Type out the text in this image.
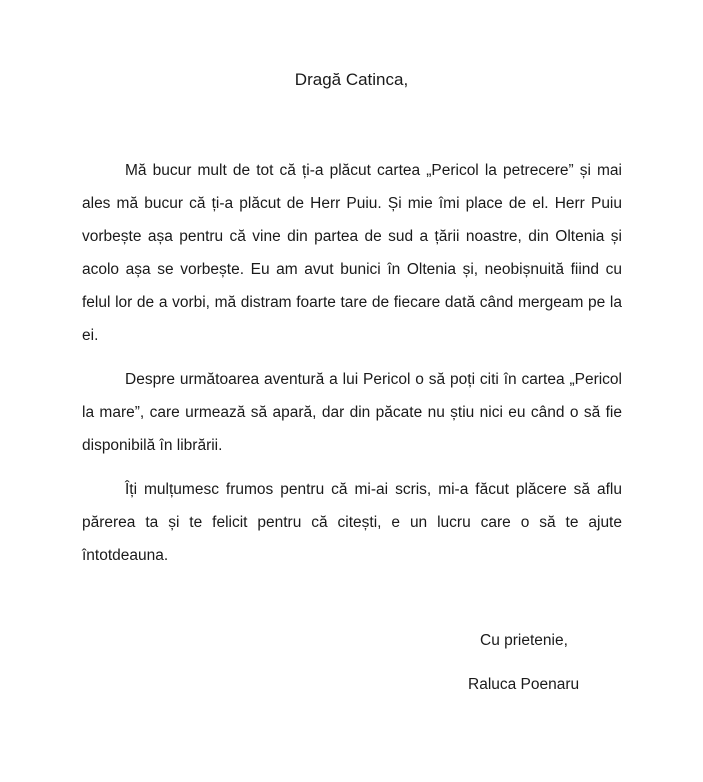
Dragă Catinca,

Mă bucur mult de tot că ți-a plăcut cartea „Pericol la petrecere” și mai ales mă bucur că ți-a plăcut de Herr Puiu. Și mie îmi place de el. Herr Puiu vorbește așa pentru că vine din partea de sud a țării noastre, din Oltenia și acolo așa se vorbește. Eu am avut bunici în Oltenia și, neobișnuită fiind cu felul lor de a vorbi, mă distram foarte tare de fiecare dată când mergeam pe la ei.

Despre următoarea aventură a lui Pericol o să poți citi în cartea „Pericol la mare”, care urmează să apară, dar din păcate nu știu nici eu când o să fie disponibilă în librării.

Îți mulțumesc frumos pentru că mi-ai scris, mi-a făcut plăcere să aflu părerea ta și te felicit pentru că citești, e un lucru care o să te ajute întotdeauna.

Cu prietenie,
Raluca Poenaru
